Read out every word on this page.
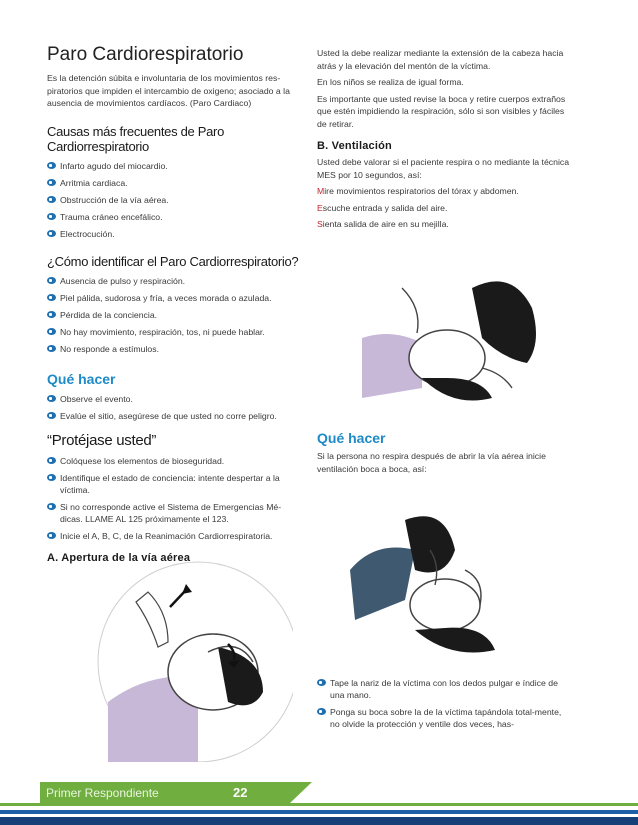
Paro Cardiorespiratorio

Es la detención súbita e involuntaria de los movimientos res-piratorios que impiden el intercambio de oxigeno; asociado a la ausencia de movimientos cardíacos. (Paro Cardiaco)

Causas más frecuentes de Paro Cardiorrespiratorio
Infarto agudo del miocardio.
Arritmia cardiaca.
Obstrucción de la vía aérea.
Trauma cráneo encefálico.
Electrocución.
¿Cómo identificar el Paro Cardiorrespiratorio?
Ausencia de pulso y respiración.
Piel pálida, sudorosa y fría, a veces morada o azulada.
Pérdida de la conciencia.
No hay movimiento, respiración, tos, ni puede hablar.
No responde a estímulos.
Qué hacer
Observe el evento.
Evalúe el sitio, asegúrese de que usted no corre peligro.
“Protéjase usted”
Colóquese los elementos de bioseguridad.
Identifique el estado de conciencia: intente despertar a la víctima.
Si no corresponde active el Sistema de Emergencias Mé-dicas. LLAME AL 125 próximamente el 123.
Inicie el A, B, C, de la Reanimación Cardiorrespiratoria.
A. Apertura de la vía aérea

Usted la debe realizar mediante la extensión de la cabeza hacia atrás y la elevación del mentón de la víctima.

En los niños se realiza de igual forma.

Es importante que usted revise la boca y retire cuerpos extraños que estén impidiendo la respiración, sólo si son visibles y fáciles de retirar.

B. Ventilación

Usted debe valorar si el paciente respira o no mediante la técnica MES por 10 segundos, así:

Mire movimientos respiratorios del tórax y abdomen.

Escuche entrada y salida del aire.

Sienta salida de aire en su mejilla.

Qué hacer

Si la persona no respira después de abrir la vía aérea inicie ventilación boca a boca, así:

Tape la nariz de la víctima con los dedos pulgar e índice de una mano.
Ponga su boca sobre la de la víctima tapándola total-mente, no olvide la protección y ventile dos veces, has-
Primer Respondiente	22
